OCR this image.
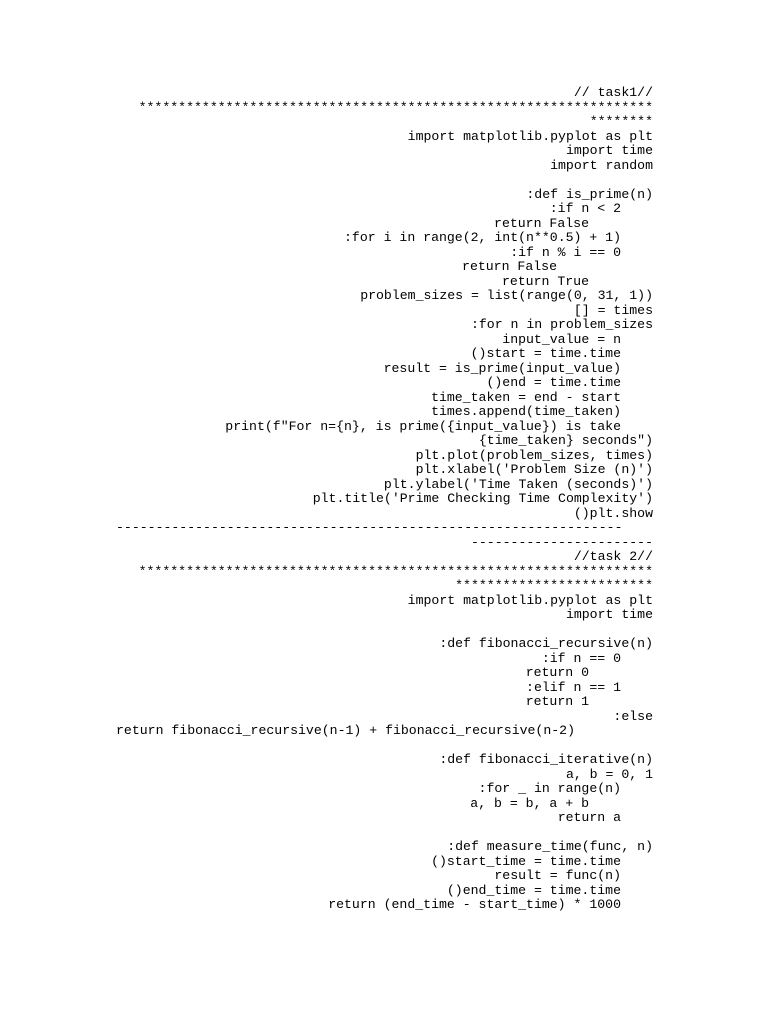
// task1//
*****************************************************************
********
import matplotlib.pyplot as plt
import time
import random
:def is_prime(n)
:if n < 2
return False
:for i in range(2, int(n**0.5) + 1)
:if n % i == 0
return False
return True
problem_sizes = list(range(0, 31, 1))
[] = times
:for n in problem_sizes
input_value = n
()start = time.time
result = is_prime(input_value)
()end = time.time
time_taken = end - start
times.append(time_taken)
print(f"For n={n}, is prime({input_value}) is take
{time_taken} seconds")
plt.plot(problem_sizes, times)
plt.xlabel('Problem Size (n)')
plt.ylabel('Time Taken (seconds)')
plt.title('Prime Checking Time Complexity')
()plt.show
----------------------------------------------------------------
-----------------------
//task 2//
*****************************************************************
*************************
import matplotlib.pyplot as plt
import time
:def fibonacci_recursive(n)
:if n == 0
return 0
:elif n == 1
return 1
:else
return fibonacci_recursive(n-1) + fibonacci_recursive(n-2)
:def fibonacci_iterative(n)
a, b = 0, 1
:for _ in range(n)
a, b = b, a + b
return a
:def measure_time(func, n)
()start_time = time.time
result = func(n)
()end_time = time.time
return (end_time - start_time) * 1000
